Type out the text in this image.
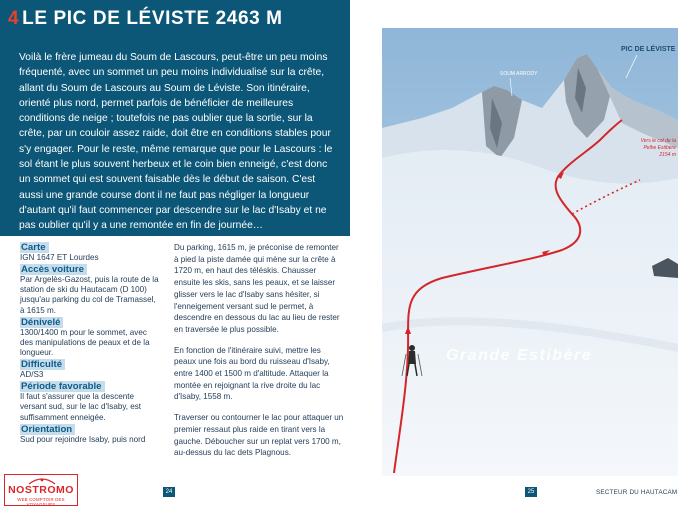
4 LE PIC DE LÉVISTE 2463 M

Voilà le frère jumeau du Soum de Lascours, peut-être un peu moins fréquenté, avec un sommet un peu moins individualisé sur la crête, allant du Soum de Lascours au Soum de Léviste. Son itinéraire, orienté plus nord, permet parfois de bénéficier de meilleures conditions de neige ; toutefois ne pas oublier que la sortie, sur la crête, par un couloir assez raide, doit être en conditions stables pour s'y engager. Pour le reste, même remarque que pour le Lascours : le sol étant le plus souvent herbeux et le coin bien enneigé, c'est donc un sommet qui est souvent faisable dès le début de saison. C'est aussi une grande course dont il ne faut pas négliger la longueur d'autant qu'il faut commencer par descendre sur le lac d'Isaby et ne pas oublier qu'il y a une remontée en fin de journée…

Carte
IGN 1647 ET Lourdes
Accès voiture
Par Argelès-Gazost, puis la route de la station de ski du Hautacam (D 100) jusqu'au parking du col de Tramassel, à 1615 m.
Dénivelé
1300/1400 m pour le sommet, avec des manipulations de peaux et de la longueur.
Difficulté
AD/S3
Période favorable
Il faut s'assurer que la descente versant sud, sur le lac d'Isaby, est suffisamment enneigée.
Orientation
Sud pour rejoindre Isaby, puis nord

Du parking, 1615 m, je préconise de remonter à pied la piste damée qui mène sur la crête à 1720 m, en haut des téléskis. Chausser ensuite les skis, sans les peaux, et se laisser glisser vers le lac d'Isaby sans hésiter, si l'enneigement versant sud le permet, à descendre en dessous du lac au lieu de rester en traversée le plus possible.

En fonction de l'itinéraire suivi, mettre les peaux une fois au bord du ruisseau d'Isaby, entre 1400 et 1500 m d'altitude. Attaquer la montée en rejoignant la rive droite du lac d'Isaby, 1558 m.

Traverser ou contourner le lac pour attaquer un premier ressaut plus raide en tirant vers la gauche. Déboucher sur un replat vers 1700 m, au-dessus du lac dets Plagnous.

NOSTROMO
WEB COMPTOIR DES VOYAGEURS
24
PIC DE LÉVISTE
SOUM ARRODY
Vers le col de la
Pelhe Estibère
2154 m
Grande Estibère
25	SECTEUR DU HAUTACAM
